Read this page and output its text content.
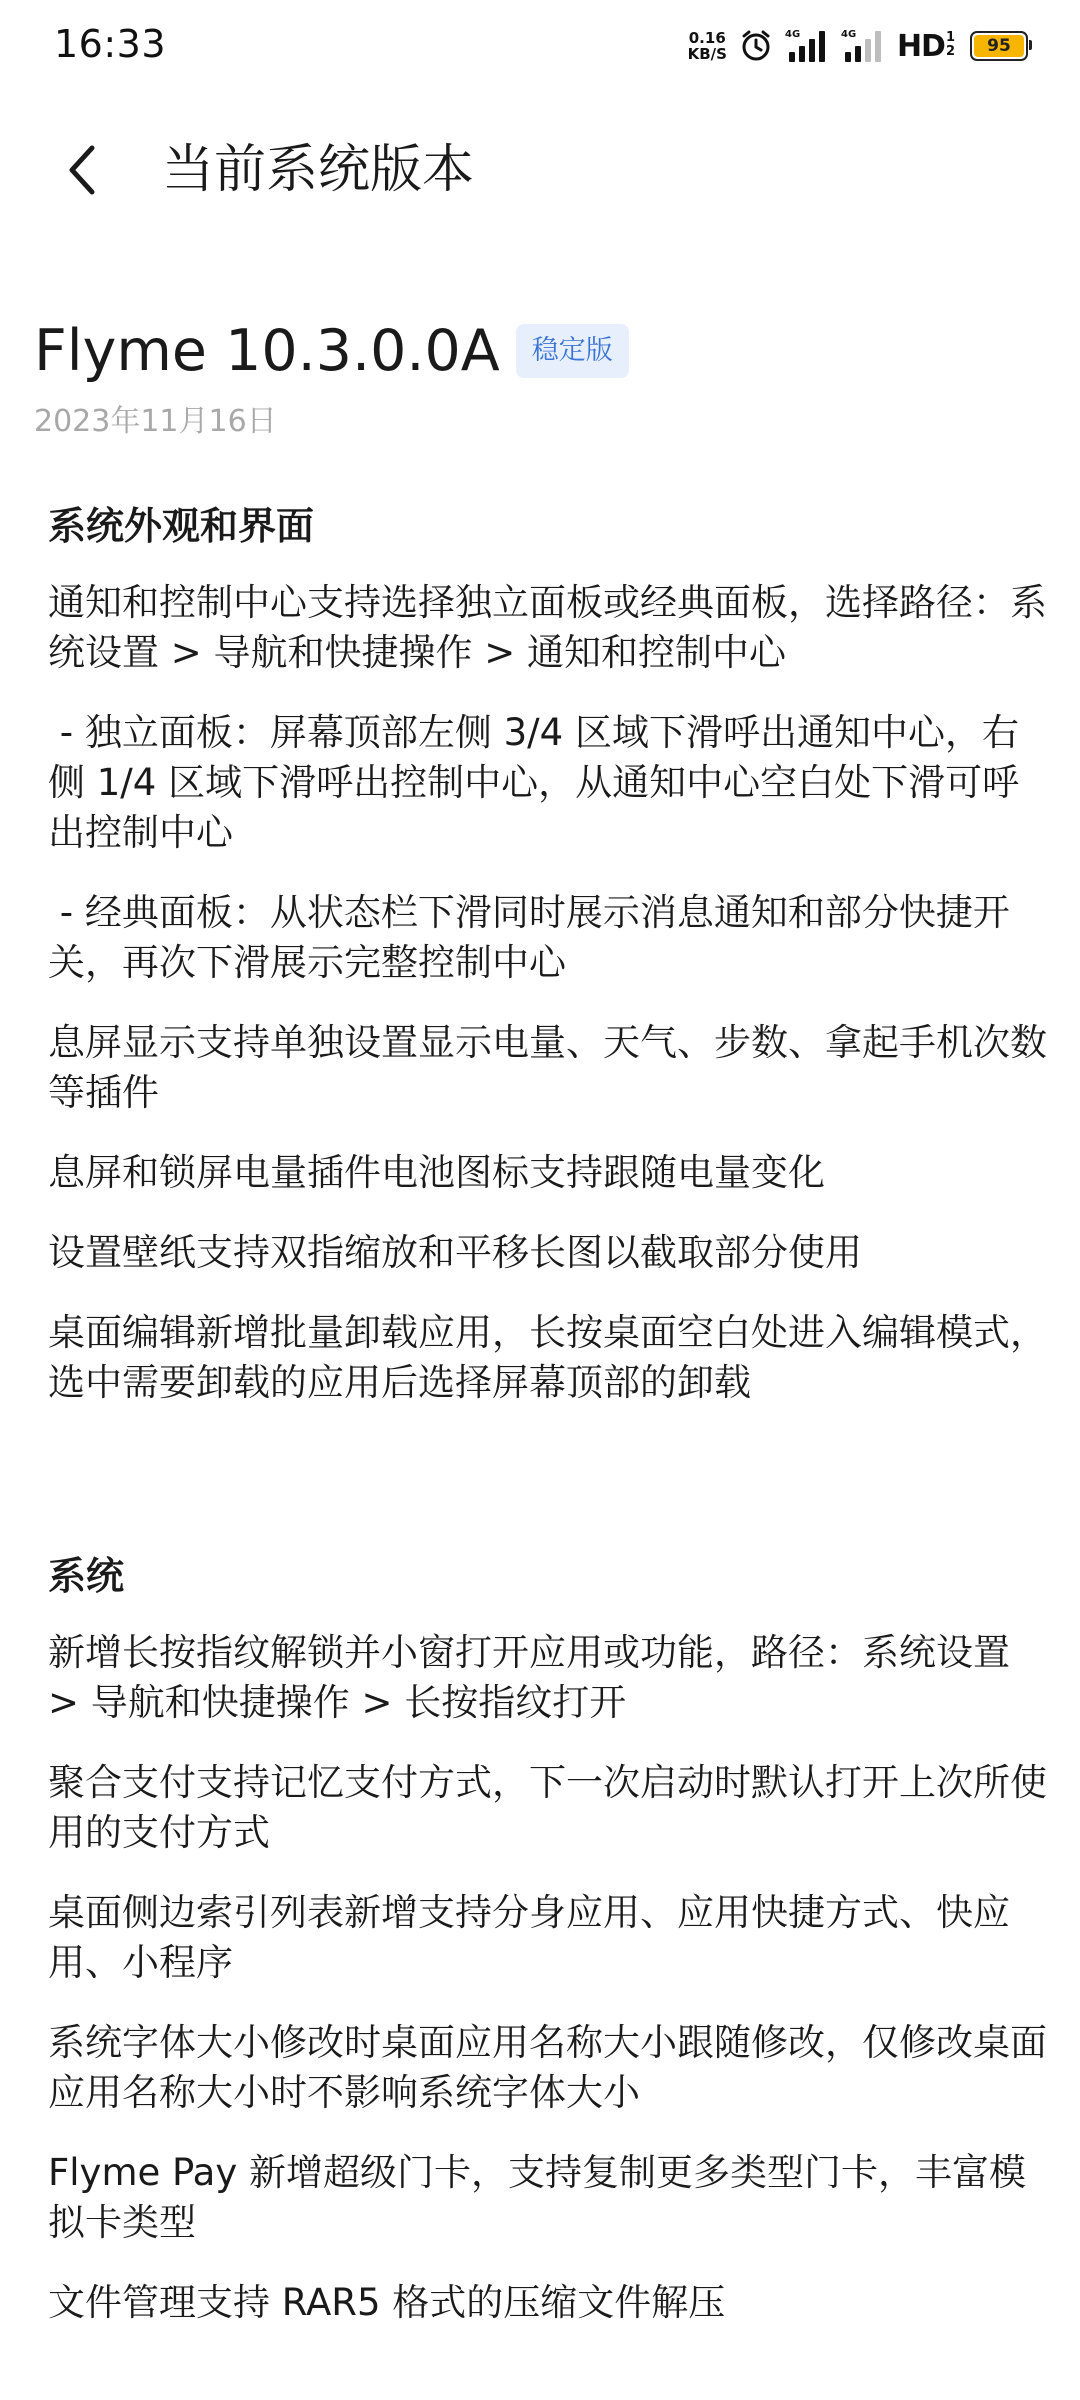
16:33	0.16
KB/S
4G	4G HD 1
2 95
当前系统版本
Flyme 10.3.0.0A	稳定版
2023年11月16日
系统外观和界面

通知和控制中心支持选择独立面板或经典面板，选择路径：系统设置 > 导航和快捷操作 > 通知和控制中心

- 独立面板：屏幕顶部左侧 3/4 区域下滑呼出通知中心，右侧 1/4 区域下滑呼出控制中心，从通知中心空白处下滑可呼出控制中心

- 经典面板：从状态栏下滑同时展示消息通知和部分快捷开关，再次下滑展示完整控制中心

息屏显示支持单独设置显示电量、天气、步数、拿起手机次数等插件

息屏和锁屏电量插件电池图标支持跟随电量变化

设置壁纸支持双指缩放和平移长图以截取部分使用

桌面编辑新增批量卸载应用，长按桌面空白处进入编辑模式，选中需要卸载的应用后选择屏幕顶部的卸载

系统

新增长按指纹解锁并小窗打开应用或功能，路径：系统设置 > 导航和快捷操作 > 长按指纹打开

聚合支付支持记忆支付方式，下一次启动时默认打开上次所使用的支付方式

桌面侧边索引列表新增支持分身应用、应用快捷方式、快应用、小程序

系统字体大小修改时桌面应用名称大小跟随修改，仅修改桌面应用名称大小时不影响系统字体大小

Flyme Pay 新增超级门卡，支持复制更多类型门卡，丰富模拟卡类型

文件管理支持 RAR5 格式的压缩文件解压
